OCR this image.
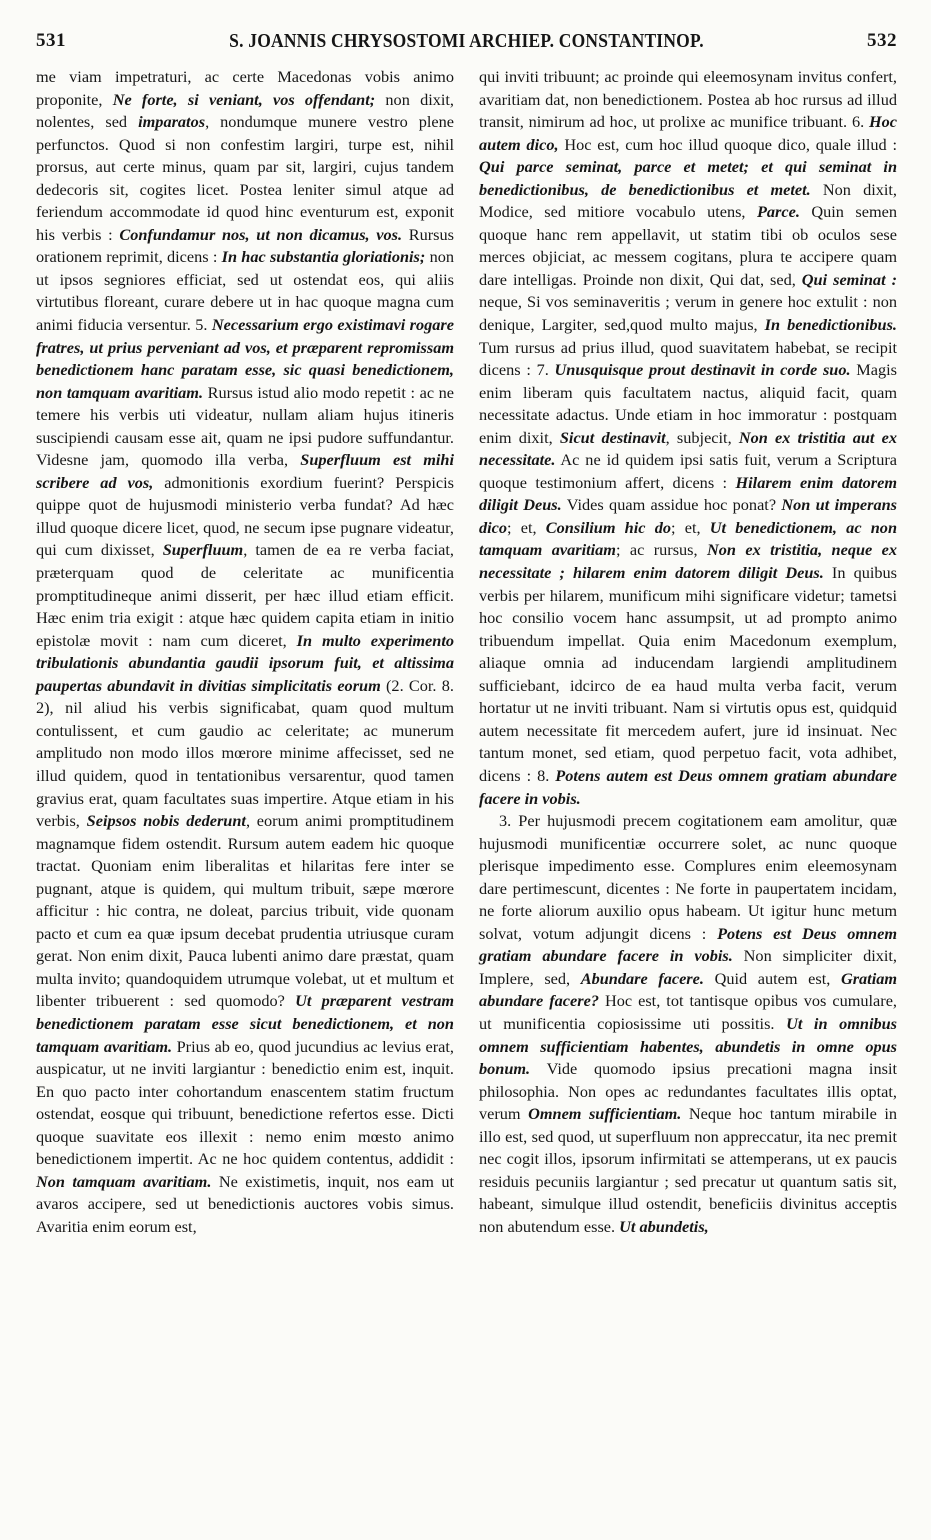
531	S. JOANNIS CHRYSOSTOMI ARCHIEP. CONSTANTINOP.	532

me viam impetraturi, ac certe Macedonas vobis animo proponite, Ne forte, si veniant, vos offendant; non dixit, nolentes, sed imparatos, nondumque munere vestro plene perfunctos. Quod si non confestim largiri, turpe est, nihil prorsus, aut certe minus, quam par sit, largiri, cujus tandem dedecoris sit, cogites licet. Postea leniter simul atque ad feriendum accommodate id quod hinc eventurum est, exponit his verbis : Confundamur nos, ut non dicamus, vos. Rursus orationem reprimit, dicens : In hac substantia gloriationis; non ut ipsos segniores efficiat, sed ut ostendat eos, qui aliis virtutibus floreant, curare debere ut in hac quoque magna cum animi fiducia versentur. 5. Necessarium ergo existimavi rogare fratres, ut prius perveniant ad vos, et præparent repromissam benedictionem hanc paratam esse, sic quasi benedictionem, non tamquam avaritiam. Rursus istud alio modo repetit : ac ne temere his verbis uti videatur, nullam aliam hujus itineris suscipiendi causam esse ait, quam ne ipsi pudore suffundantur. Videsne jam, quomodo illa verba, Superfluum est mihi scribere ad vos, admonitionis exordium fuerint? Perspicis quippe quot de hujusmodi ministerio verba fundat? Ad hæc illud quoque dicere licet, quod, ne secum ipse pugnare videatur, qui cum dixisset, Superfluum, tamen de ea re verba faciat, præterquam quod de celeritate ac munificentia promptitudineque animi disserit, per hæc illud etiam efficit. Hæc enim tria exigit : atque hæc quidem capita etiam in initio epistolæ movit : nam cum diceret, In multo experimento tribulationis abundantia gaudii ipsorum fuit, et altissima paupertas abundavit in divitias simplicitatis eorum (2. Cor. 8. 2), nil aliud his verbis significabat, quam quod multum contulissent, et cum gaudio ac celeritate; ac munerum amplitudo non modo illos mœrore minime affecisset, sed ne illud quidem, quod in tentationibus versarentur, quod tamen gravius erat, quam facultates suas impertire. Atque etiam in his verbis, Seipsos nobis dederunt, eorum animi promptitudinem magnamque fidem ostendit. Rursum autem eadem hic quoque tractat. Quoniam enim liberalitas et hilaritas fere inter se pugnant, atque is quidem, qui multum tribuit, sæpe mœrore afficitur : hic contra, ne doleat, parcius tribuit, vide quonam pacto et cum ea quæ ipsum decebat prudentia utriusque curam gerat. Non enim dixit, Pauca lubenti animo dare præstat, quam multa invito; quandoquidem utrumque volebat, ut et multum et libenter tribuerent : sed quomodo? Ut præparent vestram benedictionem paratam esse sicut benedictionem, et non tamquam avaritiam. Prius ab eo, quod jucundius ac levius erat, auspicatur, ut ne inviti largiantur : benedictio enim est, inquit. En quo pacto inter cohortandum enascentem statim fructum ostendat, eosque qui tribuunt, benedictione refertos esse. Dicti quoque suavitate eos illexit : nemo enim mœsto animo benedictionem impertit. Ac ne hoc quidem contentus, addidit : Non tamquam avaritiam. Ne existimetis, inquit, nos eam ut avaros accipere, sed ut benedictionis auctores vobis simus. Avaritia enim eorum est,

qui inviti tribuunt; ac proinde qui eleemosynam invitus confert, avaritiam dat, non benedictionem. Postea ab hoc rursus ad illud transit, nimirum ad hoc, ut prolixe ac munifice tribuant. 6. Hoc autem dico, Hoc est, cum hoc illud quoque dico, quale illud : Qui parce seminat, parce et metet; et qui seminat in benedictionibus, de benedictionibus et metet. Non dixit, Modice, sed mitiore vocabulo utens, Parce. Quin semen quoque hanc rem appellavit, ut statim tibi ob oculos sese merces objiciat, ac messem cogitans, plura te accipere quam dare intelligas. Proinde non dixit, Qui dat, sed, Qui seminat : neque, Si vos seminaveritis ; verum in genere hoc extulit : non denique, Largiter, sed,quod multo majus, In benedictionibus. Tum rursus ad prius illud, quod suavitatem habebat, se recipit dicens : 7. Unusquisque prout destinavit in corde suo. Magis enim liberam quis facultatem nactus, aliquid facit, quam necessitate adactus. Unde etiam in hoc immoratur : postquam enim dixit, Sicut destinavit, subjecit, Non ex tristitia aut ex necessitate. Ac ne id quidem ipsi satis fuit, verum a Scriptura quoque testimonium affert, dicens : Hilarem enim datorem diligit Deus. Vides quam assidue hoc ponat? Non ut imperans dico; et, Consilium hic do; et, Ut benedictionem, ac non tamquam avaritiam; ac rursus, Non ex tristitia, neque ex necessitate ; hilarem enim datorem diligit Deus. In quibus verbis per hilarem, munificum mihi significare videtur; tametsi hoc consilio vocem hanc assumpsit, ut ad prompto animo tribuendum impellat. Quia enim Macedonum exemplum, aliaque omnia ad inducendam largiendi amplitudinem sufficiebant, idcirco de ea haud multa verba facit, verum hortatur ut ne inviti tribuant. Nam si virtutis opus est, quidquid autem necessitate fit mercedem aufert, jure id insinuat. Nec tantum monet, sed etiam, quod perpetuo facit, vota adhibet, dicens : 8. Potens autem est Deus omnem gratiam abundare facere in vobis.

3. Per hujusmodi precem cogitationem eam amolitur, quæ hujusmodi munificentiæ occurrere solet, ac nunc quoque plerisque impedimento esse. Complures enim eleemosynam dare pertimescunt, dicentes : Ne forte in paupertatem incidam, ne forte aliorum auxilio opus habeam. Ut igitur hunc metum solvat, votum adjungit dicens : Potens est Deus omnem gratiam abundare facere in vobis. Non simpliciter dixit, Implere, sed, Abundare facere. Quid autem est, Gratiam abundare facere? Hoc est, tot tantisque opibus vos cumulare, ut munificentia copiosissime uti possitis. Ut in omnibus omnem sufficientiam habentes, abundetis in omne opus bonum. Vide quomodo ipsius precationi magna insit philosophia. Non opes ac redundantes facultates illis optat, verum Omnem sufficientiam. Neque hoc tantum mirabile in illo est, sed quod, ut superfluum non appreccatur, ita nec premit nec cogit illos, ipsorum infirmitati se attemperans, ut ex paucis residuis pecuniis largiantur ; sed precatur ut quantum satis sit, habeant, simulque illud ostendit, beneficiis divinitus acceptis non abutendum esse. Ut abundetis,
